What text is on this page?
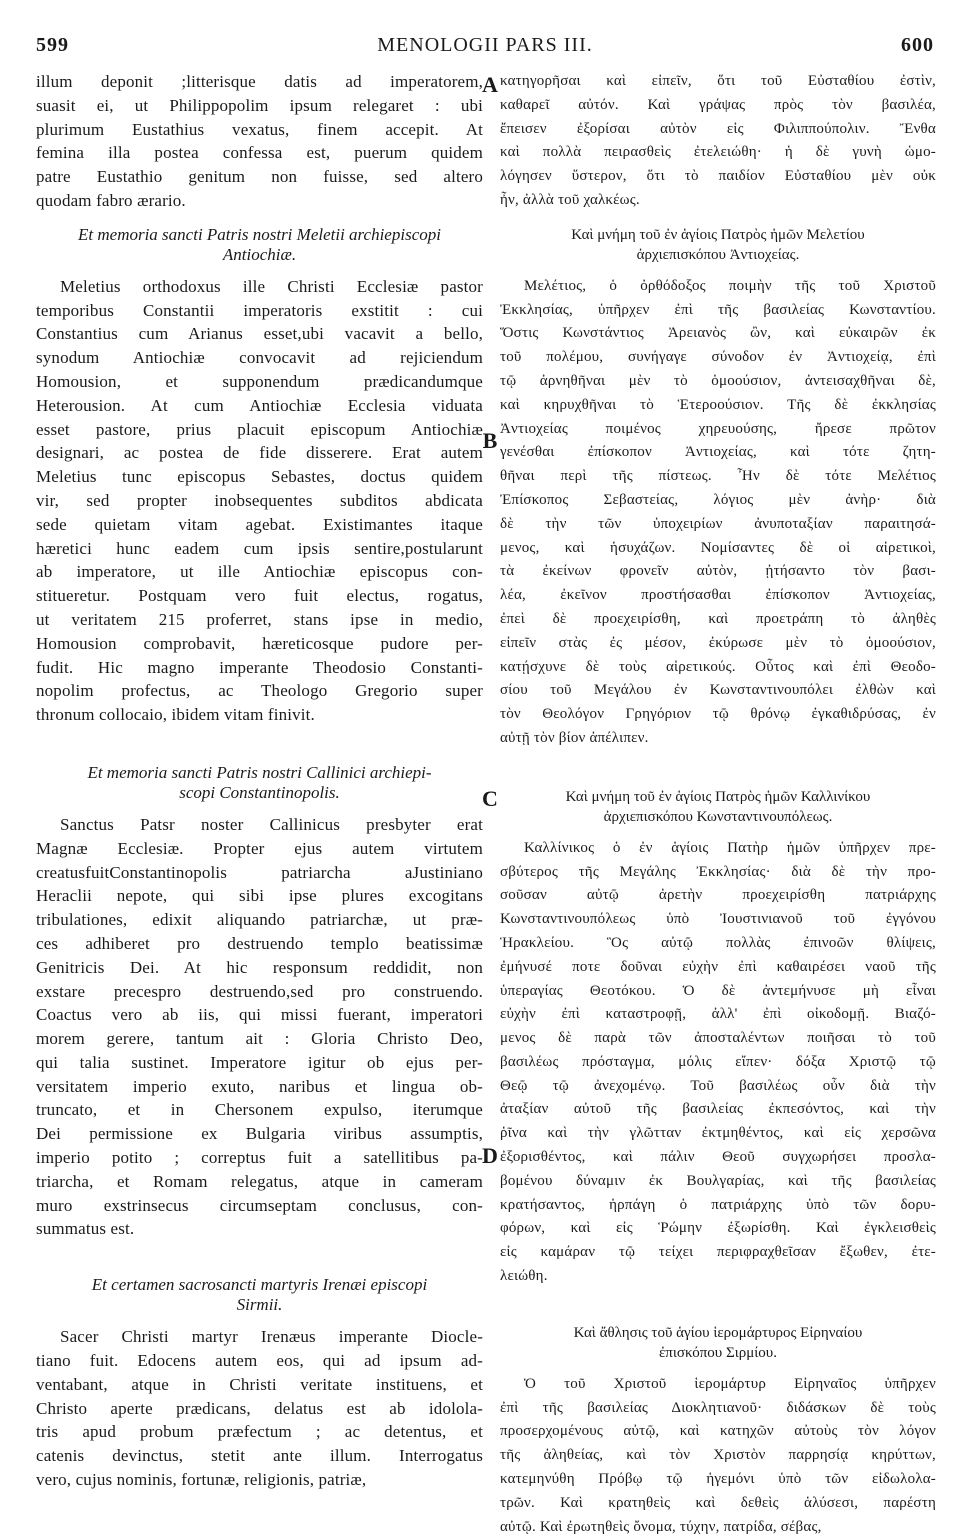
599	MENOLOGII PARS III.	600
illum deponit ;litterisque datis ad imperatorem,
suasit ei, ut Philippopolim ipsum relegaret : ubi
plurimum Eustathius vexatus, finem accepit. At
femina illa postea confessa est, puerum quidem
patre Eustathio genitum non fuisse, sed altero
quodam fabro ærario.
Et memoria sancti Patris nostri Meletii archiepiscopi
Antiochiæ.
Meletius orthodoxus ille Christi Ecclesiæ pastor
temporibus Constantii imperatoris exstitit : cui
Constantius cum Arianus esset,ubi vacavit a bello,
synodum Antiochiæ convocavit ad rejiciendum
Homousion, et supponendum prædicandumque
Heterousion. At cum Antiochiæ Ecclesia viduata
esset pastore, prius placuit episcopum Antiochiæ
designari, ac postea de fide disserere. Erat autem
Meletius tunc episcopus Sebastes, doctus quidem
vir, sed propter inobsequentes subditos abdicata
sede quietam vitam agebat. Existimantes itaque
hæretici hunc eadem cum ipsis sentire,postularunt
ab imperatore, ut ille Antiochiæ episcopus con-
stitueretur. Postquam vero fuit electus, rogatus,
ut veritatem 215 proferret, stans ipse in medio,
Homousion comprobavit, hæreticosque pudore per-
fudit. Hic magno imperante Theodosio Constanti-
nopolim profectus, ac Theologo Gregorio super
thronum collocaio, ibidem vitam finivit.
Et memoria sancti Patris nostri Callinici archiepi-
scopi Constantinopolis.
Sanctus Patsr noster Callinicus presbyter erat
Magnæ Ecclesiæ. Propter ejus autem virtutem
creatusfuitConstantinopolis patriarcha aJustiniano
Heraclii nepote, qui sibi ipse plures excogitans
tribulationes, edixit aliquando patriarchæ, ut præ-
ces adhiberet pro destruendo templo beatissimæ
Genitricis Dei. At hic responsum reddidit, non
exstare precespro destruendo,sed pro construendo.
Coactus vero ab iis, qui missi fuerant, imperatori
morem gerere, tantum ait : Gloria Christo Deo,
qui talia sustinet. Imperatore igitur ob ejus per-
versitatem imperio exuto, naribus et lingua ob-
truncato, et in Chersonem expulso, iterumque
Dei permissione ex Bulgaria viribus assumptis,
imperio potito ; correptus fuit a satellitibus pa-
triarcha, et Romam relegatus, atque in cameram
muro exstrinsecus circumseptam conclusus, con-
summatus est.
Et certamen sacrosancti martyris Irenæi episcopi
Sirmii.
Sacer Christi martyr Irenæus imperante Diocle-
tiano fuit. Edocens autem eos, qui ad ipsum ad-
ventabant, atque in Christi veritate instituens, et
Christo aperte prædicans, delatus est ab idolola-
tris apud probum præfectum ; ac detentus, et
catenis devinctus, stetit ante illum. Interrogatus
vero, cujus nominis, fortunæ, religionis, patriæ,
κατηγορῆσαι καὶ εἰπεῖν, ὅτι τοῦ Εὐσταθίου ἐστὶν,
καθαρεῖ αὐτόν. Καὶ γράψας πρὸς τὸν βασιλέα,
ἔπεισεν ἐξορίσαι αὐτὸν εἰς Φιλιππούπολιν. Ἔνθα
καὶ πολλὰ πειρασθεὶς ἐτελειώθη· ἡ δὲ γυνὴ ὡμο-
λόγησεν ὕστερον, ὅτι τὸ παιδίον Εὐσταθίου μὲν οὐκ
ἦν, ἀλλὰ τοῦ χαλκέως.
Καὶ μνήμη τοῦ ἐν ἁγίοις Πατρὸς ἡμῶν Μελετίου
ἀρχιεπισκόπου Ἀντιοχείας.
Μελέτιος, ὁ ὀρθόδοξος ποιμὴν τῆς τοῦ Χριστοῦ
Ἐκκλησίας, ὑπῆρχεν ἐπὶ τῆς βασιλείας Κωνσταντίου.
Ὅστις Κωνστάντιος Ἀρειανὸς ὢν, καὶ εὐκαιρῶν ἐκ
τοῦ πολέμου, συνήγαγε σύνοδον ἐν Ἀντιοχείᾳ, ἐπὶ
τῷ ἀρνηθῆναι μὲν τὸ ὁμοούσιον, ἀντεισαχθῆναι δὲ,
καὶ κηρυχθῆναι τὸ Ἑτεροούσιον. Τῆς δὲ ἐκκλησίας
Ἀντιοχείας ποιμένος χηρευούσης, ἤρεσε πρῶτον
γενέσθαι ἐπίσκοπον Ἀντιοχείας, καὶ τότε ζητη-
θῆναι περὶ τῆς πίστεως. Ἦν δὲ τότε Μελέτιος
Ἐπίσκοπος Σεβαστείας, λόγιος μὲν ἀνὴρ· διὰ
δὲ τὴν τῶν ὑποχειρίων ἀνυποταξίαν παραιτησά-
μενος, καὶ ἡσυχάζων. Νομίσαντες δὲ οἱ αἱρετικοὶ,
τὰ ἐκείνων φρονεῖν αὐτὸν, ᾐτήσαντο τὸν βασι-
λέα, ἐκεῖνον προστήσασθαι ἐπίσκοπον Ἀντιοχείας,
ἐπεὶ δὲ προεχειρίσθη, καὶ προετράπη τὸ ἀληθὲς
εἰπεῖν στὰς ἐς μέσον, ἐκύρωσε μὲν τὸ ὁμοούσιον,
κατῄσχυνε δὲ τοὺς αἱρετικούς. Οὗτος καὶ ἐπὶ Θεοδο-
σίου τοῦ Μεγάλου ἐν Κωνσταντινουπόλει ἐλθὼν καὶ
τὸν Θεολόγον Γρηγόριον τῷ θρόνῳ ἐγκαθιδρύσας, ἐν
αὐτῇ τὸν βίον ἀπέλιπεν.
Καὶ μνήμη τοῦ ἐν ἁγίοις Πατρὸς ἡμῶν Καλλινίκου
ἀρχιεπισκόπου Κωνσταντινουπόλεως.
Καλλίνικος ὁ ἐν ἁγίοις Πατὴρ ἡμῶν ὑπῆρχεν πρε-
σβύτερος τῆς Μεγάλης Ἐκκλησίας· διὰ δὲ τὴν προ-
σοῦσαν αὐτῷ ἀρετὴν προεχειρίσθη πατριάρχης
Κωνσταντινουπόλεως ὑπὸ Ἰουστινιανοῦ τοῦ ἐγγόνου
Ἡρακλείου. Ὃς αὐτῷ πολλὰς ἐπινοῶν θλίψεις,
ἐμήνυσέ ποτε δοῦναι εὐχὴν ἐπὶ καθαιρέσει ναοῦ τῆς
ὑπεραγίας Θεοτόκου. Ὁ δὲ ἀντεμήνυσε μὴ εἶναι
εὐχὴν ἐπὶ καταστροφῇ, ἀλλ' ἐπὶ οἰκοδομῇ. Βιαζό-
μενος δὲ παρὰ τῶν ἀποσταλέντων ποιῆσαι τὸ τοῦ
βασιλέως πρόσταγμα, μόλις εἴπεν· δόξα Χριστῷ τῷ
Θεῷ τῷ ἀνεχομένῳ. Τοῦ βασιλέως οὖν διὰ τὴν
ἀταξίαν αὐτοῦ τῆς βασιλείας ἐκπεσόντος, καὶ τὴν
ῥῖνα καὶ τὴν γλῶτταν ἐκτμηθέντος, καὶ εἰς χερσῶνα
ἐξορισθέντος, καὶ πάλιν Θεοῦ συγχωρήσει προσλα-
βομένου δύναμιν ἐκ Βουλγαρίας, καὶ τῆς βασιλείας
κρατήσαντος, ἡρπάγη ὁ πατριάρχης ὑπὸ τῶν δορυ-
φόρων, καὶ εἰς Ῥώμην ἐξωρίσθη. Καὶ ἐγκλεισθεὶς
εἰς καμάραν τῷ τείχει περιφραχθεῖσαν ἔξωθεν, ἐτε-
λειώθη.
Καὶ ἄθλησις τοῦ ἁγίου ἱερομάρτυρος Εἰρηναίου
ἐπισκόπου Σιρμίου.
Ὁ τοῦ Χριστοῦ ἱερομάρτυρ Εἰρηναῖος ὑπῆρχεν
ἐπὶ τῆς βασιλείας Διοκλητιανοῦ· διδάσκων δὲ τοὺς
προσερχομένους αὐτῷ, καὶ κατηχῶν αὐτοὺς τὸν λόγον
τῆς ἀληθείας, καὶ τὸν Χριστὸν παρρησίᾳ κηρύττων,
κατεμηνύθη Πρόβῳ τῷ ἡγεμόνι ὑπὸ τῶν εἰδωλολα-
τρῶν. Καὶ κρατηθεὶς καὶ δεθεὶς ἁλύσεσι, παρέστη
αὐτῷ. Καὶ ἐρωτηθεὶς ὄνομα, τύχην, πατρίδα, σέβας,
A
B
C
D
